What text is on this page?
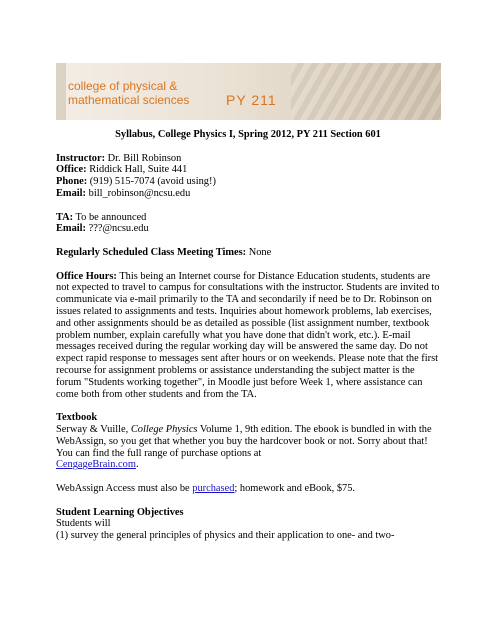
college of physical &
mathematical sciences	PY 211
Syllabus, College Physics I, Spring 2012, PY 211 Section 601

Instructor: Dr. Bill Robinson
Office: Riddick Hall, Suite 441
Phone: (919) 515-7074 (avoid using!)
Email: bill_robinson@ncsu.edu

TA: To be announced
Email: ???@ncsu.edu

Regularly Scheduled Class Meeting Times: None

Office Hours: This being an Internet course for Distance Education students, students are not expected to travel to campus for consultations with the instructor. Students are invited to communicate via e-mail primarily to the TA and secondarily if need be to Dr. Robinson on issues related to assignments and tests. Inquiries about homework problems, lab exercises, and other assignments should be as detailed as possible (list assignment number, textbook problem number, explain carefully what you have done that didn't work, etc.). E-mail messages received during the regular working day will be answered the same day. Do not expect rapid response to messages sent after hours or on weekends. Please note that the first recourse for assignment problems or assistance understanding the subject matter is the forum "Students working together", in Moodle just before Week 1, where assistance can come both from other students and from the TA.

Textbook
Serway & Vuille, College Physics Volume 1, 9th edition. The ebook is bundled in with the WebAssign, so you get that whether you buy the hardcover book or not. Sorry about that! You can find the full range of purchase options at
CengageBrain.com.

WebAssign Access must also be purchased; homework and eBook, $75.

Student Learning Objectives
Students will
(1) survey the general principles of physics and their application to one- and two-
